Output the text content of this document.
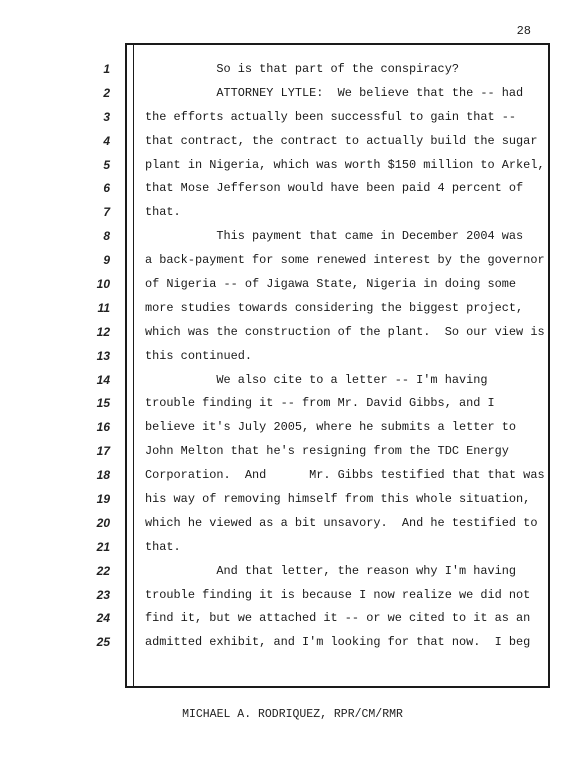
28
1
2
3
4
5
6
7
8
9
10
11
12
13
14
15
16
17
18
19
20
21
22
23
24
25
So is that part of the conspiracy?
ATTORNEY LYTLE:  We believe that the -- had
the efforts actually been successful to gain that --
that contract, the contract to actually build the sugar
plant in Nigeria, which was worth $150 million to Arkel,
that Mose Jefferson would have been paid 4 percent of
that.
This payment that came in December 2004 was
a back-payment for some renewed interest by the governor
of Nigeria -- of Jigawa State, Nigeria in doing some
more studies towards considering the biggest project,
which was the construction of the plant.  So our view is
this continued.
We also cite to a letter -- I'm having
trouble finding it -- from Mr. David Gibbs, and I
believe it's July 2005, where he submits a letter to
John Melton that he's resigning from the TDC Energy
Corporation.  And      Mr. Gibbs testified that that was
his way of removing himself from this whole situation,
which he viewed as a bit unsavory.  And he testified to
that.
And that letter, the reason why I'm having
trouble finding it is because I now realize we did not
find it, but we attached it -- or we cited to it as an
admitted exhibit, and I'm looking for that now.  I beg
MICHAEL A. RODRIQUEZ, RPR/CM/RMR
